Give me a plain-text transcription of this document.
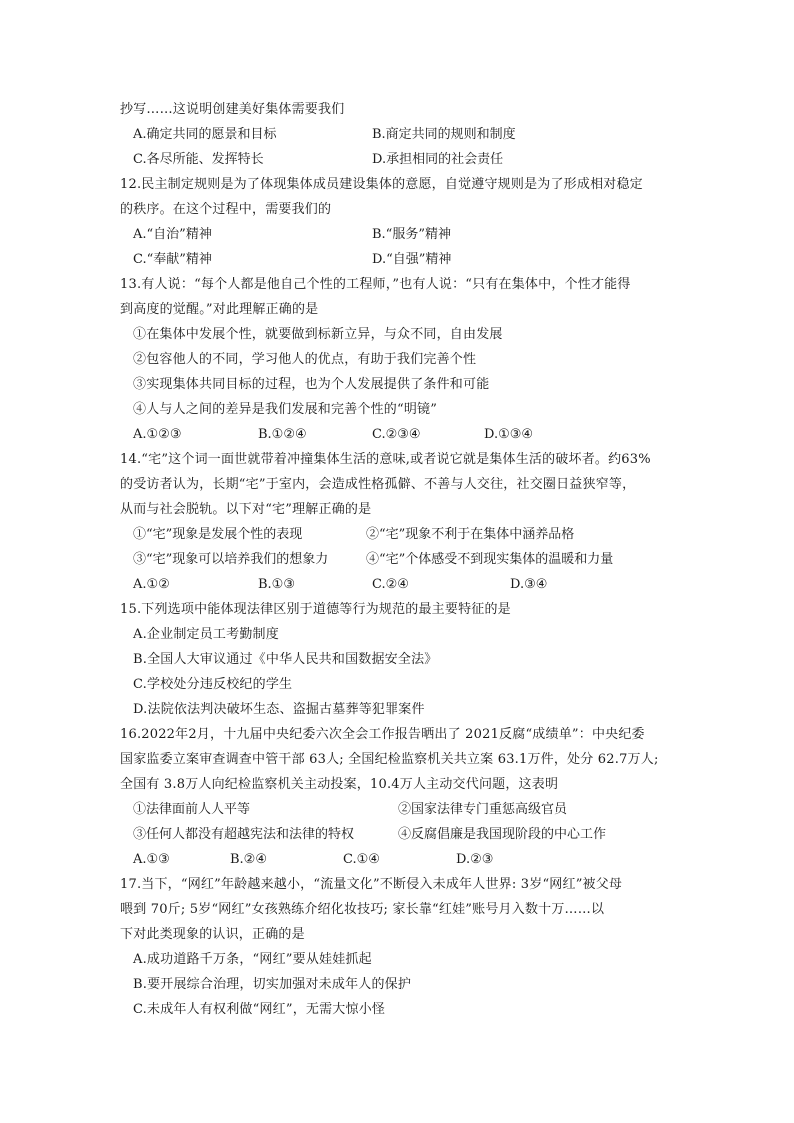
抄写……这说明创建美好集体需要我们
A.确定共同的愿景和目标	B.商定共同的规则和制度
C.各尽所能、发挥特长	D.承担相同的社会责任
12.民主制定规则是为了体现集体成员建设集体的意愿，自觉遵守规则是为了形成相对稳定
的秩序。在这个过程中，需要我们的
A.“自治”精神	B.“服务”精神
C.“奉献”精神	D.“自强”精神
13.有人说：“每个人都是他自己个性的工程师，”也有人说：“只有在集体中，个性才能得
到高度的觉醒。”对此理解正确的是
①在集体中发展个性，就要做到标新立异，与众不同，自由发展
②包容他人的不同，学习他人的优点，有助于我们完善个性
③实现集体共同目标的过程，也为个人发展提供了条件和可能
④人与人之间的差异是我们发展和完善个性的“明镜”
A.①②③	B.①②④	C.②③④	D.①③④
14.“宅”这个词一面世就带着冲撞集体生活的意味,或者说它就是集体生活的破坏者。约63%
的受访者认为，长期“宅”于室内，会造成性格孤僻、不善与人交往，社交圈日益狭窄等，
从而与社会脱轨。以下对“宅”理解正确的是
①“宅”现象是发展个性的表现	②“宅”现象不利于在集体中涵养品格
③“宅”现象可以培养我们的想象力	④“宅”个体感受不到现实集体的温暖和力量
A.①②	B.①③	C.②④	D.③④
15.下列选项中能体现法律区别于道德等行为规范的最主要特征的是
A.企业制定员工考勤制度
B.全国人大审议通过《中华人民共和国数据安全法》
C.学校处分违反校纪的学生
D.法院依法判决破坏生态、盗掘古墓葬等犯罪案件
16.2022年2月，十九届中央纪委六次全会工作报告晒出了 2021反腐“成绩单”：中央纪委
国家监委立案审查调查中管干部 63人; 全国纪检监察机关共立案 63.1万件，处分 62.7万人;
全国有 3.8万人向纪检监察机关主动投案，10.4万人主动交代问题，这表明
①法律面前人人平等	②国家法律专门重惩高级官员
③任何人都没有超越宪法和法律的特权	④反腐倡廉是我国现阶段的中心工作
A.①③	B.②④	C.①④	D.②③
17.当下，“网红”年龄越来越小，“流量文化”不断侵入未成年人世界: 3岁“网红”被父母
喂到 70斤; 5岁“网红”女孩熟练介绍化妆技巧; 家长靠“红娃”账号月入数十万……以
下对此类现象的认识，正确的是
A.成功道路千万条，“网红”要从娃娃抓起
B.要开展综合治理，切实加强对未成年人的保护
C.未成年人有权利做“网红”，无需大惊小怪
